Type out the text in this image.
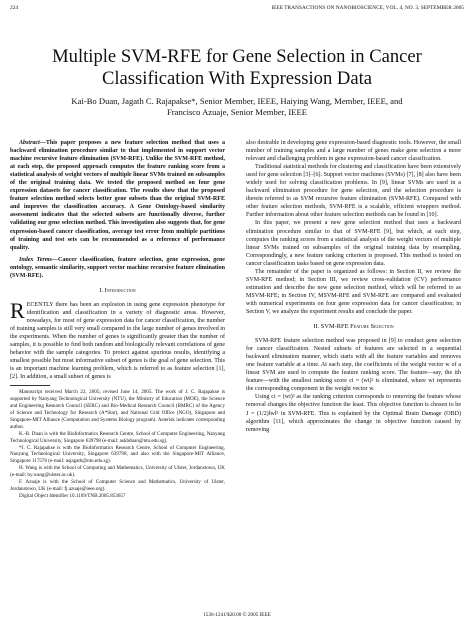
224	IEEE TRANSACTIONS ON NANOBIOSCIENCE, VOL. 4, NO. 3, SEPTEMBER 2005
Multiple SVM-RFE for Gene Selection in Cancer
Classification With Expression Data
Kai-Bo Duan, Jagath C. Rajapakse*, Senior Member, IEEE, Haiying Wang, Member, IEEE, and
Francisco Azuaje, Senior Member, IEEE

Abstract—This paper proposes a new feature selection method that uses a backward elimination procedure similar to that implemented in support vector machine recursive feature elimination (SVM-RFE). Unlike the SVM-RFE method, at each step, the proposed approach computes the feature ranking score from a statistical analysis of weight vectors of multiple linear SVMs trained on subsamples of the original training data. We tested the proposed method on four gene expression datasets for cancer classification. The results show that the proposed feature selection method selects better gene subsets than the original SVM-RFE and improves the classification accuracy. A Gene Ontology-based similarity assessment indicates that the selected subsets are functionally diverse, further validating our gene selection method. This investigation also suggests that, for gene expression-based cancer classification, average test error from multiple partitions of training and test sets can be recommended as a reference of performance quality.

Index Terms—Cancer classification, feature selection, gene expression, gene ontology, semantic similarity, support vector machine recursive feature elimination (SVM-RFE).

I. Introduction

RECENTLY there has been an explosion in using gene expression phenotype for identification and classification in a variety of diagnostic areas. However, nowadays, for most of gene expression data for cancer classification, the number of training samples is still very small compared to the large number of genes involved in the experiments. When the number of genes is significantly greater than the number of samples, it is possible to find both random and biologically relevant correlations of gene behavior with the sample categories. To protect against spurious results, identifying a smallest possible but most informative subset of genes is the goal of gene selection. This is an important machine learning problem, which is referred to as feature selection [1], [2]. In addition, a small subset of genes is

Manuscript received March 22, 2005; revised June 14, 2005. The work of J. C. Rajapakse is supported by Nanyang Technological University (NTU), the Ministry of Education (MOE), the Science and Engineering Research Council (SERC) and Bio-Medical Research Council (BMRC) of the Agency of Science and Technology for Research (A*Star), and National Grid Office (NGO), Singapore and Singapore-MIT Alliance (Computation and Systems Biology program). Asterisk indicates corresponding author.

K.-B. Duan is with the BioInformatics Research Centre, School of Computer Engineering, Nanyang Technological University, Singapore 639798 (e-mail: askbduan@ntu.edu.sg).

*J. C. Rajapakse is with the BioInformatics Research Centre, School of Computer Engineering, Nanyang Technological University, Singapore 639798, and also with the Singapore-MIT Alliance, Singapore 117576 (e-mail: asjagath@ntu.edu.sg).

H. Wang is with the School of Computing and Mathematics, University of Ulster, Jordanstown, UK (e-mail: hy.wang@ulster.ac.uk).

F. Azuaje is with the School of Computer Science and Mathematics, University of Ulster, Jordanstown, UK (e-mail: fj.azuaje@ieee.org).

Digital Object Identifier 10.1109/TNB.2005.853657

also desirable in developing gene expression-based diagnostic tools. However, the small number of training samples and a large number of genes make gene selection a more relevant and challenging problem in gene expression-based cancer classification.

Traditional statistical methods for clustering and classification have been extensively used for gene selection [3]–[6]. Support vector machines (SVMs) [7], [8] also have been widely used for solving classification problems. In [9], linear SVMs are used in a backward elimination procedure for gene selection, and the selection procedure is therein referred to as SVM recursive feature elimination (SVM-RFE). Compared with other feature selection methods, SVM-RFE is a scalable, efficient wrappers method. Further information about other feature selection methods can be found in [10].

In this paper, we present a new gene selection method that uses a backward elimination procedure similar to that of SVM-RFE [9], but which, at each step, computes the ranking scores from a statistical analysis of the weight vectors of multiple linear SVMs trained on subsamples of the original training data by resampling. Correspondingly, a new feature ranking criterion is proposed. This method is tested on cancer classification tasks based on gene expression data.

The remainder of the paper is organized as follows: in Section II, we review the SVM-RFE method; in Section III, we review cross-validation (CV) performance estimation and describe the new gene selection method, which will be referred to as MSVM-RFE; in Section IV, MSVM-RFE and SVM-RFE are compared and evaluated with numerical experiments on four gene expression data for cancer classification; in Section V, we analyze the experiment results and conclude the paper.

II. SVM-RFE Feature Selection

SVM-RFE feature selection method was proposed in [9] to conduct gene selection for cancer classification. Nested subsets of features are selected in a sequential backward elimination manner, which starts with all the feature variables and removes one feature variable at a time. At each step, the coefficients of the weight vector w of a linear SVM are used to compute the feature ranking score. The feature—say, the ith feature—with the smallest ranking score ci = (wi)² is eliminated, where wi represents the corresponding component in the weight vector w.

Using ci = (wi)² as the ranking criterion corresponds to removing the feature whose removal changes the objective function the least. This objective function is chosen to be J = (1/2)‖w‖² in SVM-RFE. This is explained by the Optimal Brain Damage (OBD) algorithm [11], which approximates the change in objective function caused by removing

1536-1241/$20.00 © 2005 IEEE
